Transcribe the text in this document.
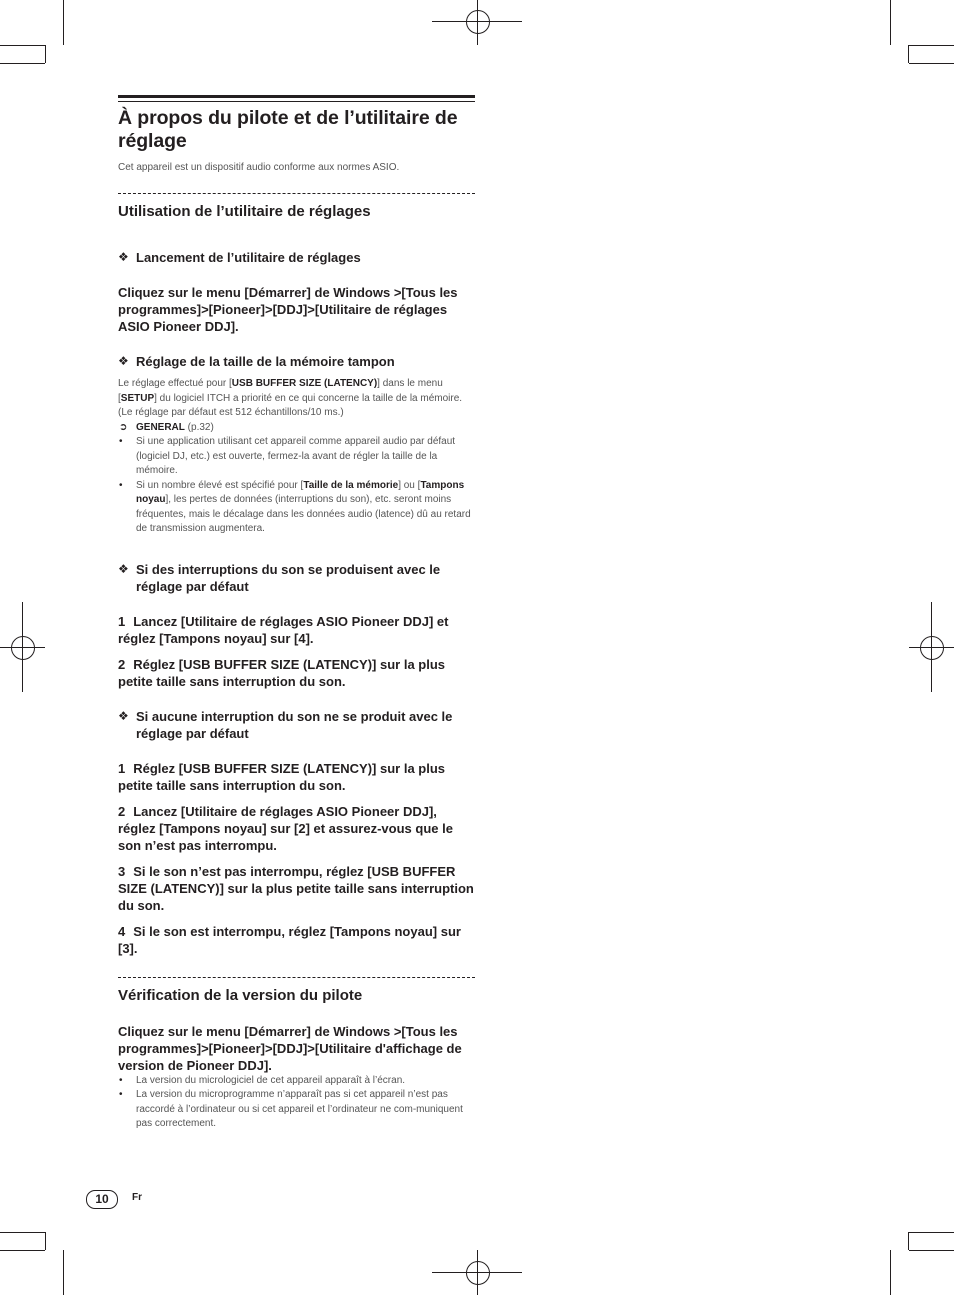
À propos du pilote et de l’utilitaire de réglage
Cet appareil est un dispositif audio conforme aux normes ASIO.
Utilisation de l’utilitaire de réglages
❖ Lancement de l’utilitaire de réglages
Cliquez sur le menu [Démarrer] de Windows >[Tous les programmes]>[Pioneer]>[DDJ]>[Utilitaire de réglages ASIO Pioneer DDJ].
❖ Réglage de la taille de la mémoire tampon
Le réglage effectué pour [USB BUFFER SIZE (LATENCY)] dans le menu [SETUP] du logiciel ITCH a priorité en ce qui concerne la taille de la mémoire. (Le réglage par défaut est 512 échantillons/10 ms.)
➲ GENERAL (p.32)
• Si une application utilisant cet appareil comme appareil audio par défaut (logiciel DJ, etc.) est ouverte, fermez-la avant de régler la taille de la mémoire.
• Si un nombre élevé est spécifié pour [Taille de la mémorie] ou [Tampons noyau], les pertes de données (interruptions du son), etc. seront moins fréquentes, mais le décalage dans les données audio (latence) dû au retard de transmission augmentera.
❖ Si des interruptions du son se produisent avec le réglage par défaut
1 Lancez [Utilitaire de réglages ASIO Pioneer DDJ] et réglez [Tampons noyau] sur [4].
2 Réglez [USB BUFFER SIZE (LATENCY)] sur la plus petite taille sans interruption du son.
❖ Si aucune interruption du son ne se produit avec le réglage par défaut
1 Réglez [USB BUFFER SIZE (LATENCY)] sur la plus petite taille sans interruption du son.
2 Lancez [Utilitaire de réglages ASIO Pioneer DDJ], réglez [Tampons noyau] sur [2] et assurez-vous que le son n’est pas interrompu.
3 Si le son n’est pas interrompu, réglez [USB BUFFER SIZE (LATENCY)] sur la plus petite taille sans interruption du son.
4 Si le son est interrompu, réglez [Tampons noyau] sur [3].
Vérification de la version du pilote
Cliquez sur le menu [Démarrer] de Windows >[Tous les programmes]>[Pioneer]>[DDJ]>[Utilitaire d'affichage de version de Pioneer DDJ].
• La version du micrologiciel de cet appareil apparaît à l’écran.
• La version du microprogramme n’apparaît pas si cet appareil n’est pas raccordé à l’ordinateur ou si cet appareil et l’ordinateur ne com-muniquent pas correctement.
10	Fr
